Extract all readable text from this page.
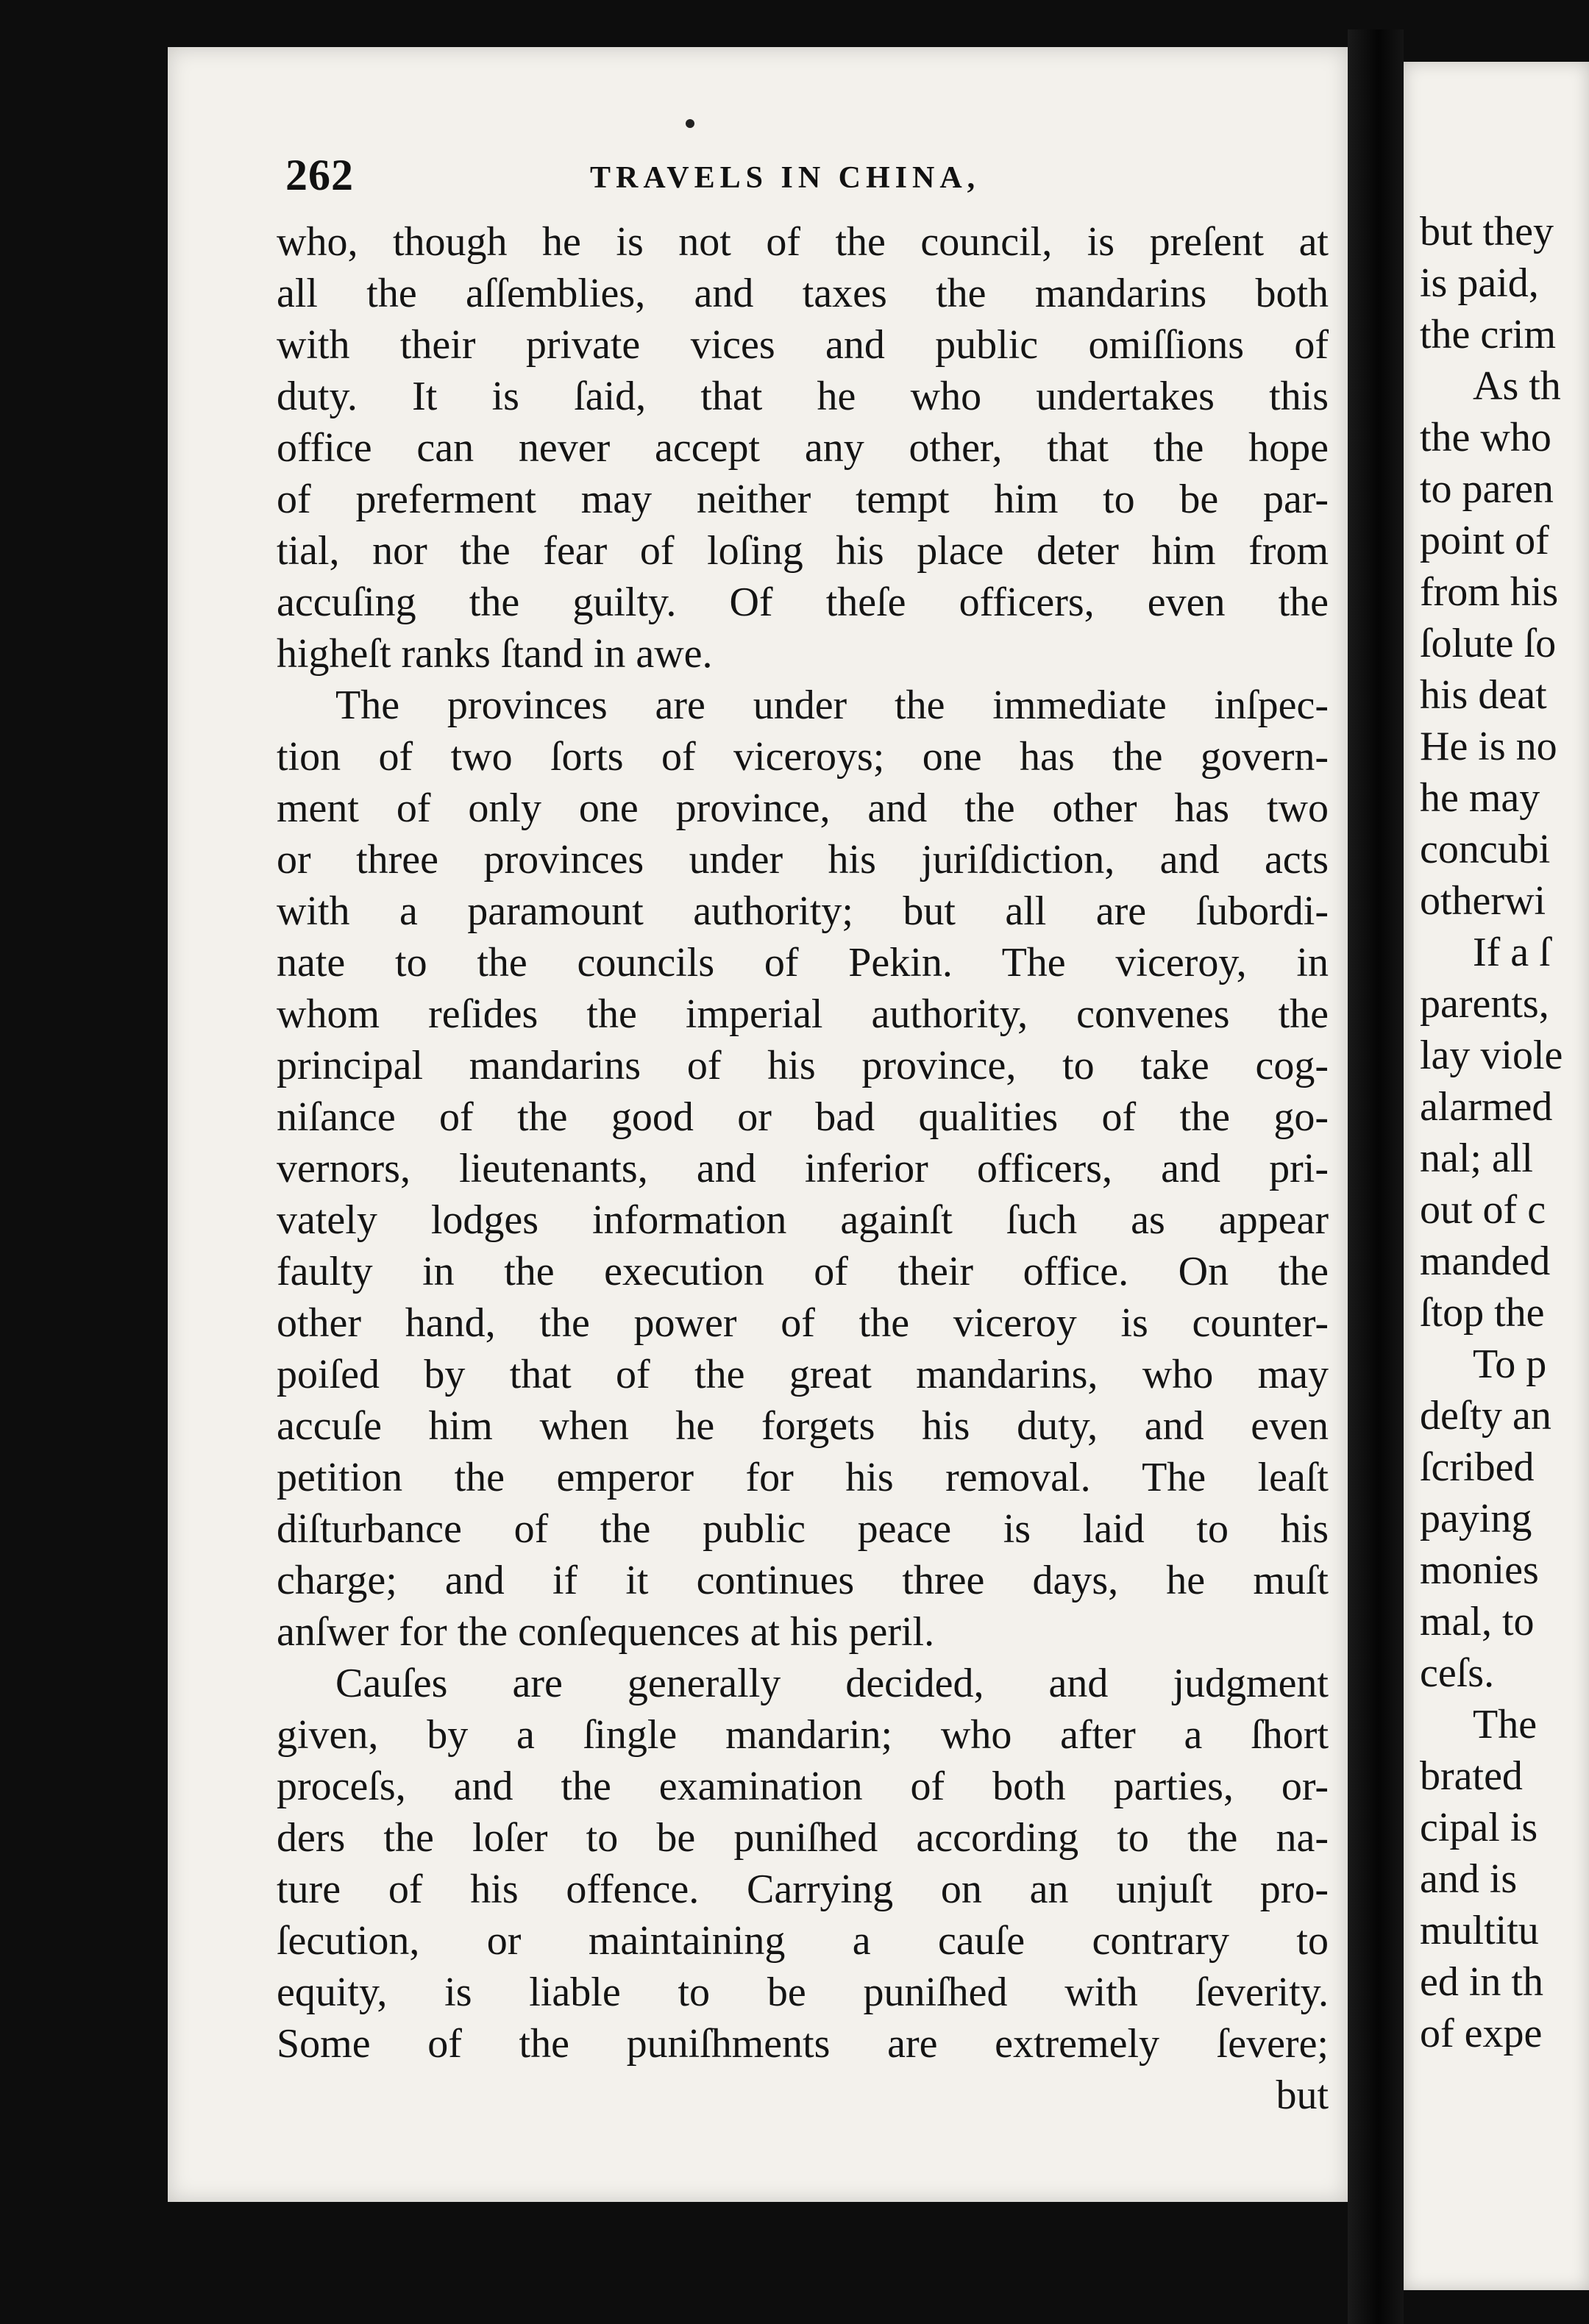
262	TRAVELS IN CHINA,
who, though he is not of the council, is preſent at
all the aſſemblies, and taxes the mandarins both
with their private vices and public omiſſions of
duty. It is ſaid, that he who undertakes this
office can never accept any other, that the hope
of preferment may neither tempt him to be par-
tial, nor the fear of loſing his place deter him from
accuſing the guilty. Of theſe officers, even the
higheſt ranks ſtand in awe.
The provinces are under the immediate inſpec-
tion of two ſorts of viceroys; one has the govern-
ment of only one province, and the other has two
or three provinces under his juriſdiction, and acts
with a paramount authority; but all are ſubordi-
nate to the councils of Pekin. The viceroy, in
whom reſides the imperial authority, convenes the
principal mandarins of his province, to take cog-
niſance of the good or bad qualities of the go-
vernors, lieutenants, and inferior officers, and pri-
vately lodges information againſt ſuch as appear
faulty in the execution of their office. On the
other hand, the power of the viceroy is counter-
poiſed by that of the great mandarins, who may
accuſe him when he forgets his duty, and even
petition the emperor for his removal. The leaſt
diſturbance of the public peace is laid to his
charge; and if it continues three days, he muſt
anſwer for the conſequences at his peril.
Cauſes are generally decided, and judgment
given, by a ſingle mandarin; who after a ſhort
proceſs, and the examination of both parties, or-
ders the loſer to be puniſhed according to the na-
ture of his offence. Carrying on an unjuſt pro-
ſecution, or maintaining a cauſe contrary to
equity, is liable to be puniſhed with ſeverity.
Some of the puniſhments are extremely ſevere;
but
but they
is paid,
the crim
As th
the who
to paren
point of
from his
ſolute ſo
his deat
He is no
he may
concubi
otherwi
If a ſ
parents,
lay viole
alarmed
nal; all
out of c
manded
ſtop the
To p
deſty an
ſcribed
paying
monies
mal, to
ceſs.
The
brated
cipal is
and is
multitu
ed in th
of expe
